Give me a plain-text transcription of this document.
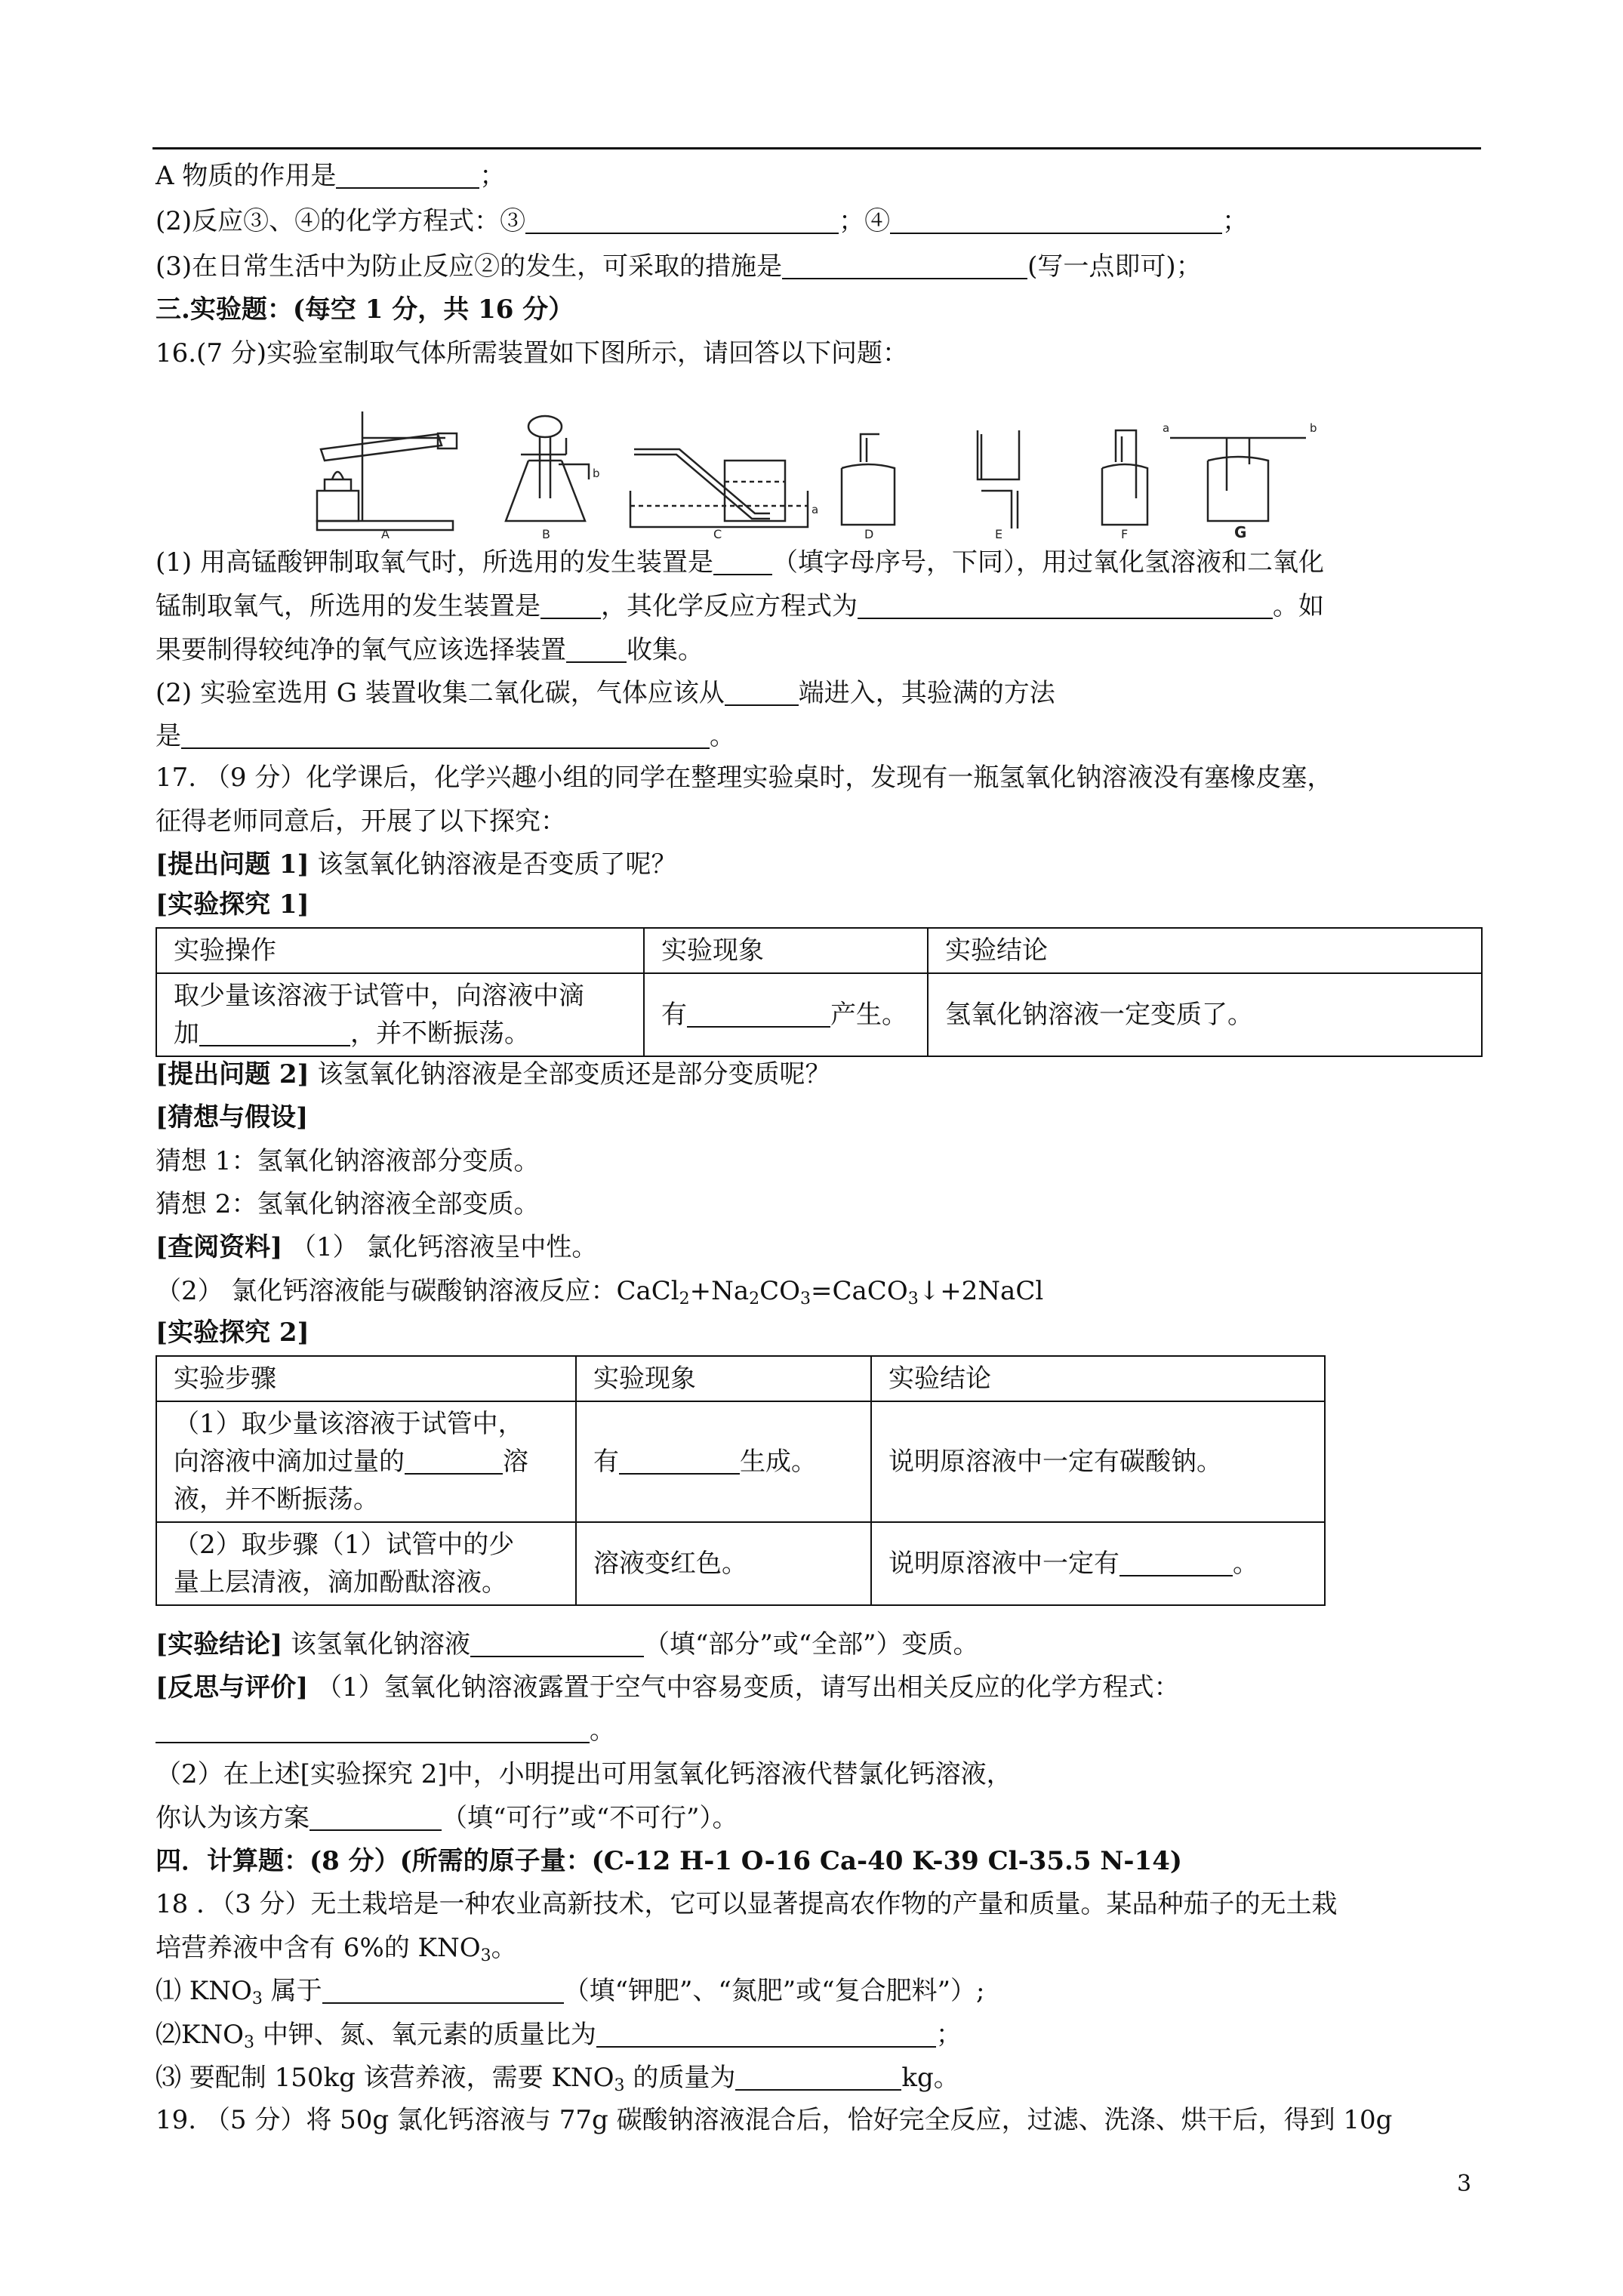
A 物质的作用是	；
(2)反应③、④的化学方程式：③	；④	；
(3)在日常生活中为防止反应②的发生，可采取的措施是	(写一点即可)；
三.实验题：(每空 1 分，共 16 分）
16.(7 分)实验室制取气体所需装置如下图所示，请回答以下问题：
A	B
b
C
a
D	E	F
a	b
G
(1) 用高锰酸钾制取氧气时，所选用的发生装置是 （填字母序号，下同），用过氧化氢溶液和二氧化
锰制取氧气，所选用的发生装置是 ，其化学反应方程式为	。如
果要制得较纯净的氧气应该选择装置 收集。
(2) 实验室选用 G 装置收集二氧化碳，气体应该从	端进入，其验满的方法
是	。
17. （9 分）化学课后，化学兴趣小组的同学在整理实验桌时，发现有一瓶氢氧化钠溶液没有塞橡皮塞，
征得老师同意后，开展了以下探究：
[提出问题 1] 该氢氧化钠溶液是否变质了呢？
[实验探究 1]
实验操作	实验现象	实验结论

取少量该溶液于试管中，向溶液中滴
加 ，并不断振荡。	有 产生。	氢氧化钠溶液一定变质了。
[提出问题 2] 该氢氧化钠溶液是全部变质还是部分变质呢？
[猜想与假设]
猜想 1：氢氧化钠溶液部分变质。
猜想 2：氢氧化钠溶液全部变质。
[查阅资料] （1） 氯化钙溶液呈中性。
（2） 氯化钙溶液能与碳酸钠溶液反应：$CaCl_2+Na_2CO_3=CaCO_3↓+2NaCl$
[实验探究 2]
实验步骤	实验现象	实验结论

（1）取少量该溶液于试管中，
向溶液中滴加过量的 溶
液，并不断振荡。	有 生成。	说明原溶液中一定有碳酸钠。

（2）取步骤（1）试管中的少
量上层清液，滴加酚酞溶液。	溶液变红色。	说明原溶液中一定有 。
[实验结论] 该氢氧化钠溶液	（填“部分”或“全部”）变质。
[反思与评价] （1）氢氧化钠溶液露置于空气中容易变质，请写出相关反应的化学方程式：
。
（2）在上述[实验探究 2]中，小明提出可用氢氧化钙溶液代替氯化钙溶液，
你认为该方案	（填“可行”或“不可行”）。
四．计算题：(8 分）(所需的原子量：(C-12 H-1 O-16 Ca-40 K-39 Cl-35.5 N-14)
18 ．（3 分）无土栽培是一种农业高新技术，它可以显著提高农作物的产量和质量。某品种茄子的无土栽
培营养液中含有 6%的 $KNO_3$。
⑴ $KNO_3$ 属于	（填“钾肥”、“氮肥”或“复合肥料”）;
$⑵KNO_3$ 中钾、氮、氧元素的质量比为	；
⑶ 要配制 150kg 该营养液，需要 $KNO_3$ 的质量为	kg。
19. （5 分）将 50g 氯化钙溶液与 77g 碳酸钠溶液混合后，恰好完全反应，过滤、洗涤、烘干后，得到 10g
3
